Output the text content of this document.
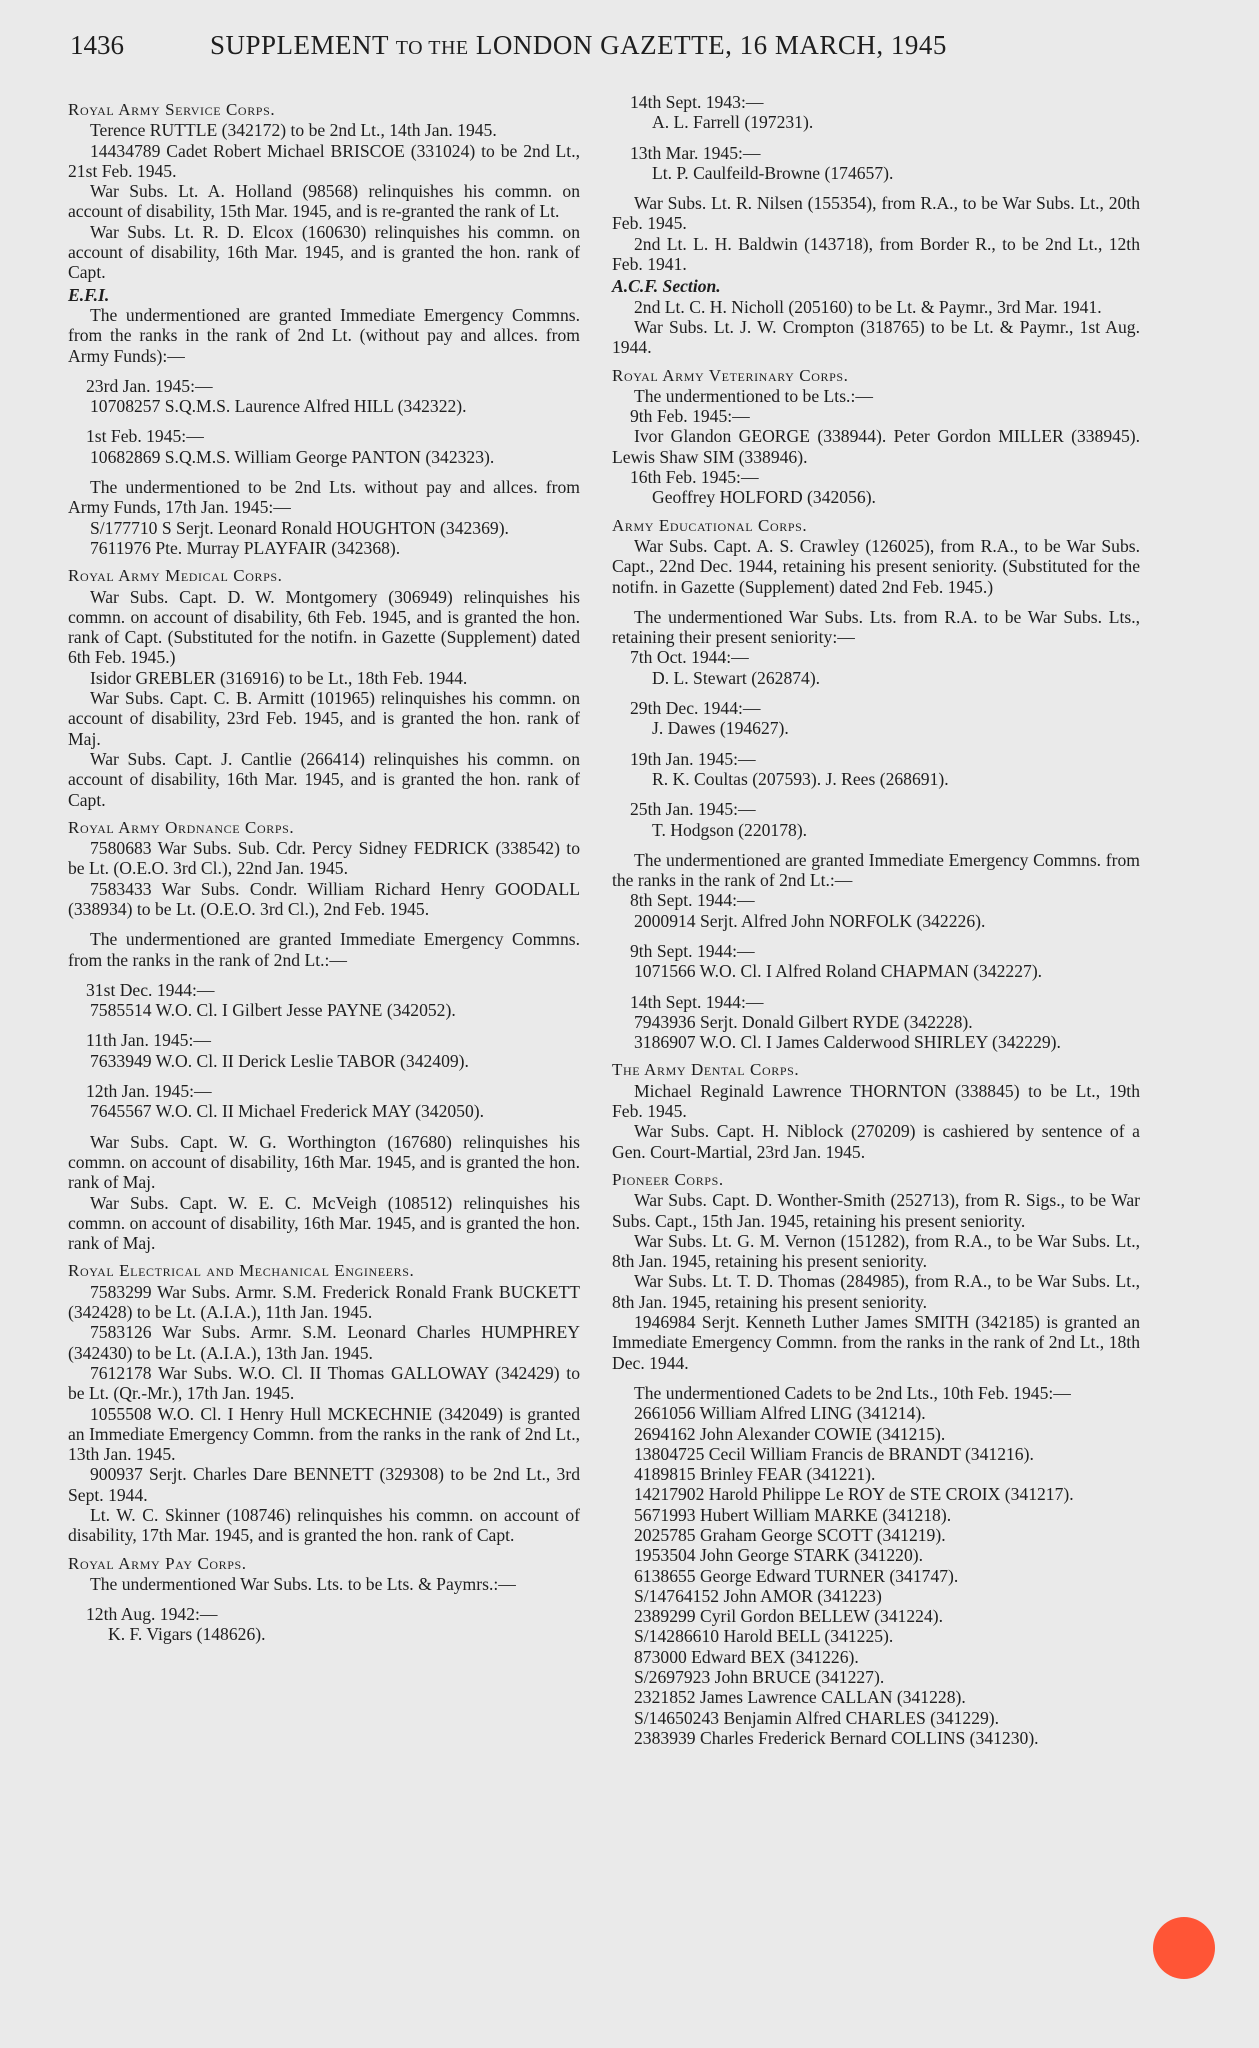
1436	SUPPLEMENT TO THE LONDON GAZETTE, 16 MARCH, 1945

Royal Army Service Corps.

Terence RUTTLE (342172) to be 2nd Lt., 14th Jan. 1945.

14434789 Cadet Robert Michael BRISCOE (331024) to be 2nd Lt., 21st Feb. 1945.

War Subs. Lt. A. Holland (98568) relinquishes his commn. on account of disability, 15th Mar. 1945, and is re-granted the rank of Lt.

War Subs. Lt. R. D. Elcox (160630) relinquishes his commn. on account of disability, 16th Mar. 1945, and is granted the hon. rank of Capt.

E.F.I.

The undermentioned are granted Immediate Emergency Commns. from the ranks in the rank of 2nd Lt. (without pay and allces. from Army Funds):—

23rd Jan. 1945:—

10708257 S.Q.M.S. Laurence Alfred HILL (342322).

1st Feb. 1945:—

10682869 S.Q.M.S. William George PANTON (342323).

The undermentioned to be 2nd Lts. without pay and allces. from Army Funds, 17th Jan. 1945:—

S/177710 S Serjt. Leonard Ronald HOUGHTON (342369).

7611976 Pte. Murray PLAYFAIR (342368).

Royal Army Medical Corps.

War Subs. Capt. D. W. Montgomery (306949) relinquishes his commn. on account of disability, 6th Feb. 1945, and is granted the hon. rank of Capt. (Substituted for the notifn. in Gazette (Supplement) dated 6th Feb. 1945.)

Isidor GREBLER (316916) to be Lt., 18th Feb. 1944.

War Subs. Capt. C. B. Armitt (101965) relinquishes his commn. on account of disability, 23rd Feb. 1945, and is granted the hon. rank of Maj.

War Subs. Capt. J. Cantlie (266414) relinquishes his commn. on account of disability, 16th Mar. 1945, and is granted the hon. rank of Capt.

Royal Army Ordnance Corps.

7580683 War Subs. Sub. Cdr. Percy Sidney FEDRICK (338542) to be Lt. (O.E.O. 3rd Cl.), 22nd Jan. 1945.

7583433 War Subs. Condr. William Richard Henry GOODALL (338934) to be Lt. (O.E.O. 3rd Cl.), 2nd Feb. 1945.

The undermentioned are granted Immediate Emergency Commns. from the ranks in the rank of 2nd Lt.:—

31st Dec. 1944:—

7585514 W.O. Cl. I Gilbert Jesse PAYNE (342052).

11th Jan. 1945:—

7633949 W.O. Cl. II Derick Leslie TABOR (342409).

12th Jan. 1945:—

7645567 W.O. Cl. II Michael Frederick MAY (342050).

War Subs. Capt. W. G. Worthington (167680) relinquishes his commn. on account of disability, 16th Mar. 1945, and is granted the hon. rank of Maj.

War Subs. Capt. W. E. C. McVeigh (108512) relinquishes his commn. on account of disability, 16th Mar. 1945, and is granted the hon. rank of Maj.

Royal Electrical and Mechanical Engineers.

7583299 War Subs. Armr. S.M. Frederick Ronald Frank BUCKETT (342428) to be Lt. (A.I.A.), 11th Jan. 1945.

7583126 War Subs. Armr. S.M. Leonard Charles HUMPHREY (342430) to be Lt. (A.I.A.), 13th Jan. 1945.

7612178 War Subs. W.O. Cl. II Thomas GALLOWAY (342429) to be Lt. (Qr.-Mr.), 17th Jan. 1945.

1055508 W.O. Cl. I Henry Hull MCKECHNIE (342049) is granted an Immediate Emergency Commn. from the ranks in the rank of 2nd Lt., 13th Jan. 1945.

900937 Serjt. Charles Dare BENNETT (329308) to be 2nd Lt., 3rd Sept. 1944.

Lt. W. C. Skinner (108746) relinquishes his commn. on account of disability, 17th Mar. 1945, and is granted the hon. rank of Capt.

Royal Army Pay Corps.

The undermentioned War Subs. Lts. to be Lts. & Paymrs.:—

12th Aug. 1942:—

K. F. Vigars (148626).

14th Sept. 1943:—

A. L. Farrell (197231).

13th Mar. 1945:—

Lt. P. Caulfeild-Browne (174657).

War Subs. Lt. R. Nilsen (155354), from R.A., to be War Subs. Lt., 20th Feb. 1945.

2nd Lt. L. H. Baldwin (143718), from Border R., to be 2nd Lt., 12th Feb. 1941.

A.C.F. Section.

2nd Lt. C. H. Nicholl (205160) to be Lt. & Paymr., 3rd Mar. 1941.

War Subs. Lt. J. W. Crompton (318765) to be Lt. & Paymr., 1st Aug. 1944.

Royal Army Veterinary Corps.

The undermentioned to be Lts.:—

9th Feb. 1945:—

Ivor Glandon GEORGE (338944). Peter Gordon MILLER (338945). Lewis Shaw SIM (338946).

16th Feb. 1945:—

Geoffrey HOLFORD (342056).

Army Educational Corps.

War Subs. Capt. A. S. Crawley (126025), from R.A., to be War Subs. Capt., 22nd Dec. 1944, retaining his present seniority. (Substituted for the notifn. in Gazette (Supplement) dated 2nd Feb. 1945.)

The undermentioned War Subs. Lts. from R.A. to be War Subs. Lts., retaining their present seniority:—

7th Oct. 1944:—

D. L. Stewart (262874).

29th Dec. 1944:—

J. Dawes (194627).

19th Jan. 1945:—

R. K. Coultas (207593). J. Rees (268691).

25th Jan. 1945:—

T. Hodgson (220178).

The undermentioned are granted Immediate Emergency Commns. from the ranks in the rank of 2nd Lt.:—

8th Sept. 1944:—

2000914 Serjt. Alfred John NORFOLK (342226).

9th Sept. 1944:—

1071566 W.O. Cl. I Alfred Roland CHAPMAN (342227).

14th Sept. 1944:—

7943936 Serjt. Donald Gilbert RYDE (342228).

3186907 W.O. Cl. I James Calderwood SHIRLEY (342229).

The Army Dental Corps.

Michael Reginald Lawrence THORNTON (338845) to be Lt., 19th Feb. 1945.

War Subs. Capt. H. Niblock (270209) is cashiered by sentence of a Gen. Court-Martial, 23rd Jan. 1945.

Pioneer Corps.

War Subs. Capt. D. Wonther-Smith (252713), from R. Sigs., to be War Subs. Capt., 15th Jan. 1945, retaining his present seniority.

War Subs. Lt. G. M. Vernon (151282), from R.A., to be War Subs. Lt., 8th Jan. 1945, retaining his present seniority.

War Subs. Lt. T. D. Thomas (284985), from R.A., to be War Subs. Lt., 8th Jan. 1945, retaining his present seniority.

1946984 Serjt. Kenneth Luther James SMITH (342185) is granted an Immediate Emergency Commn. from the ranks in the rank of 2nd Lt., 18th Dec. 1944.

The undermentioned Cadets to be 2nd Lts., 10th Feb. 1945:—

2661056 William Alfred LING (341214).

2694162 John Alexander COWIE (341215).

13804725 Cecil William Francis de BRANDT (341216).

4189815 Brinley FEAR (341221).

14217902 Harold Philippe Le ROY de STE CROIX (341217).

5671993 Hubert William MARKE (341218).

2025785 Graham George SCOTT (341219).

1953504 John George STARK (341220).

6138655 George Edward TURNER (341747).

S/14764152 John AMOR (341223)

2389299 Cyril Gordon BELLEW (341224).

S/14286610 Harold BELL (341225).

873000 Edward BEX (341226).

S/2697923 John BRUCE (341227).

2321852 James Lawrence CALLAN (341228).

S/14650243 Benjamin Alfred CHARLES (341229).

2383939 Charles Frederick Bernard COLLINS (341230).
